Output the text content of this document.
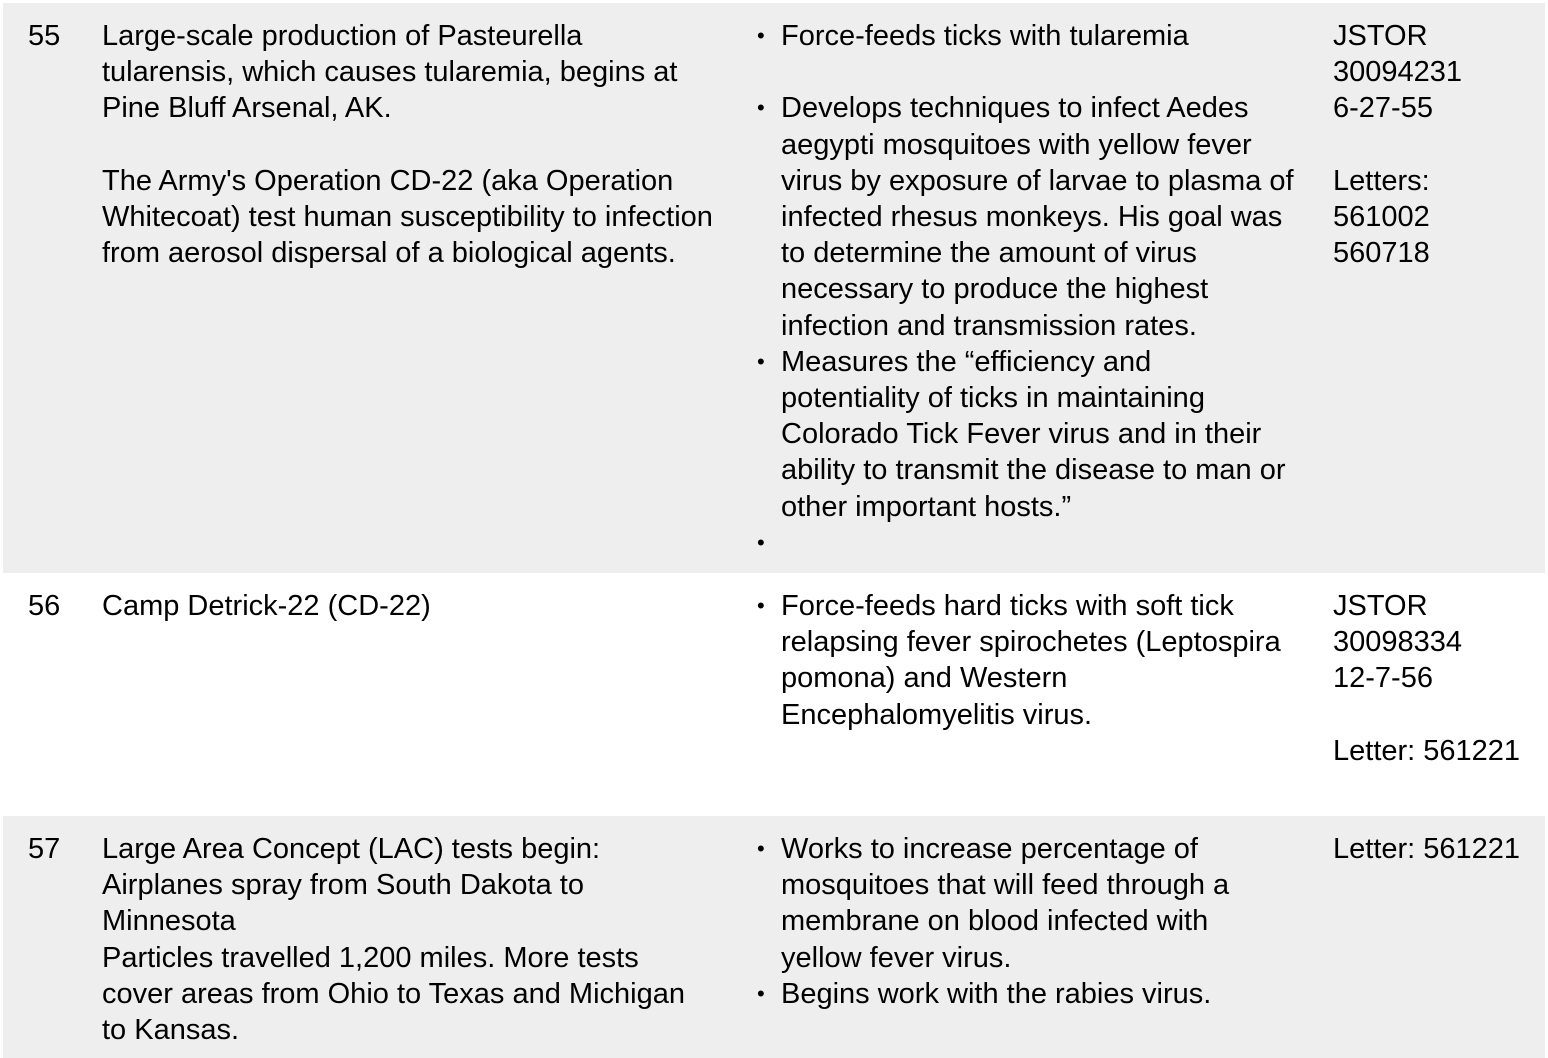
55	Large-scale production of Pasteurella
tularensis, which causes tularemia, begins at
Pine Bluff Arsenal, AK.
The Army's Operation CD-22 (aka Operation
Whitecoat) test human susceptibility to infection
from aerosol dispersal of a biological agents.
• Force-feeds ticks with tularemia
• Develops techniques to infect Aedes
aegypti mosquitoes with yellow fever
virus by exposure of larvae to plasma of
infected rhesus monkeys. His goal was
to determine the amount of virus
necessary to produce the highest
infection and transmission rates.
• Measures the “efficiency and
potentiality of ticks in maintaining
Colorado Tick Fever virus and in their
ability to transmit the disease to man or
other important hosts.”
•
JSTOR
30094231
6-27-55
Letters:
561002
560718
56	Camp Detrick-22 (CD-22)
•	Force-feeds hard ticks with soft tick
relapsing fever spirochetes (Leptospira
pomona) and Western
Encephalomyelitis virus.
JSTOR
30098334
12-7-56
Letter: 561221
57	Large Area Concept (LAC) tests begin:
Airplanes spray from South Dakota to
Minnesota
Particles travelled 1,200 miles. More tests
cover areas from Ohio to Texas and Michigan
to Kansas.
• Works to increase percentage of
mosquitoes that will feed through a
membrane on blood infected with
yellow fever virus.
• Begins work with the rabies virus.
Letter: 561221
